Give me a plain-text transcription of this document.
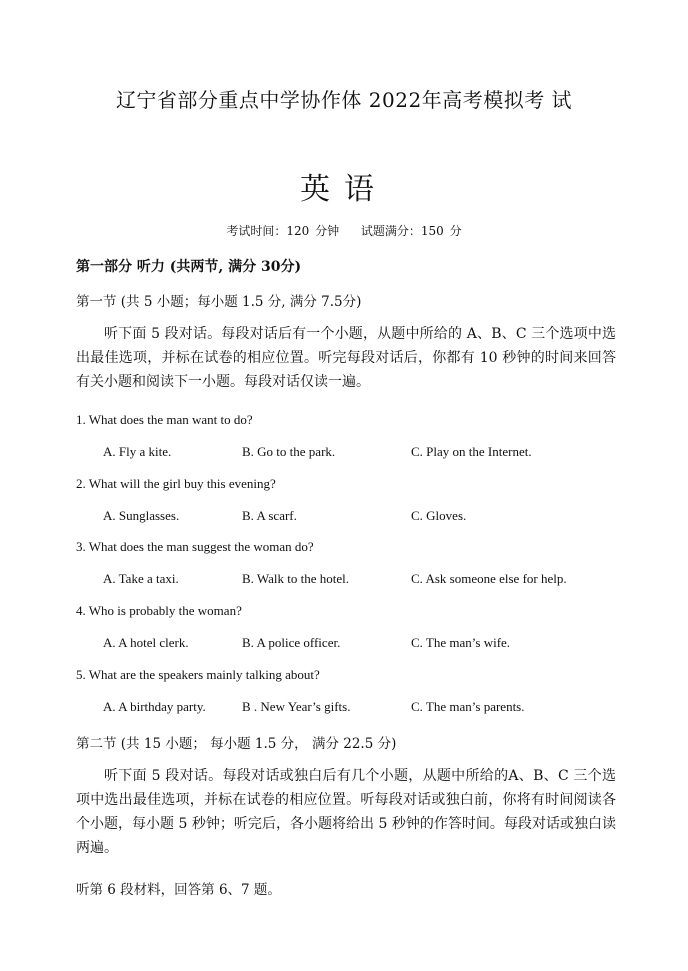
辽宁省部分重点中学协作体 2022年高考模拟考 试
英语
考试时间：120 分钟 试题满分：150 分
第一部分 听力 (共两节, 满分 30分)
第一节 (共 5 小题；每小题 1.5 分, 满分 7.5分)
听下面 5 段对话。每段对话后有一个小题，从题中所给的 A、B、C 三个选项中选出最佳选项，并标在试卷的相应位置。听完每段对话后，你都有 10 秒钟的时间来回答有关小题和阅读下一小题。每段对话仅读一遍。
1. What does the man want to do?
A. Fly a kite.	B. Go to the park.	C. Play on the Internet.
2. What will the girl buy this evening?
A. Sunglasses.	B. A scarf.	C. Gloves.
3. What does the man suggest the woman do?
A. Take a taxi.	B. Walk to the hotel.	C. Ask someone else for help.
4. Who is probably the woman?
A. A hotel clerk.	B. A police officer.	C. The man’s wife.
5. What are the speakers mainly talking about?
A. A birthday party.	B . New Year’s gifts.	C. The man’s parents.
第二节 (共 15 小题； 每小题 1.5 分， 满分 22.5 分)
听下面 5 段对话。每段对话或独白后有几个小题，从题中所给的A、B、C 三个选项中选出最佳选项，并标在试卷的相应位置。听每段对话或独白前，你将有时间阅读各个小题，每小题 5 秒钟；听完后，各小题将给出 5 秒钟的作答时间。每段对话或独白读两遍。
听第 6 段材料，回答第 6、7 题。
